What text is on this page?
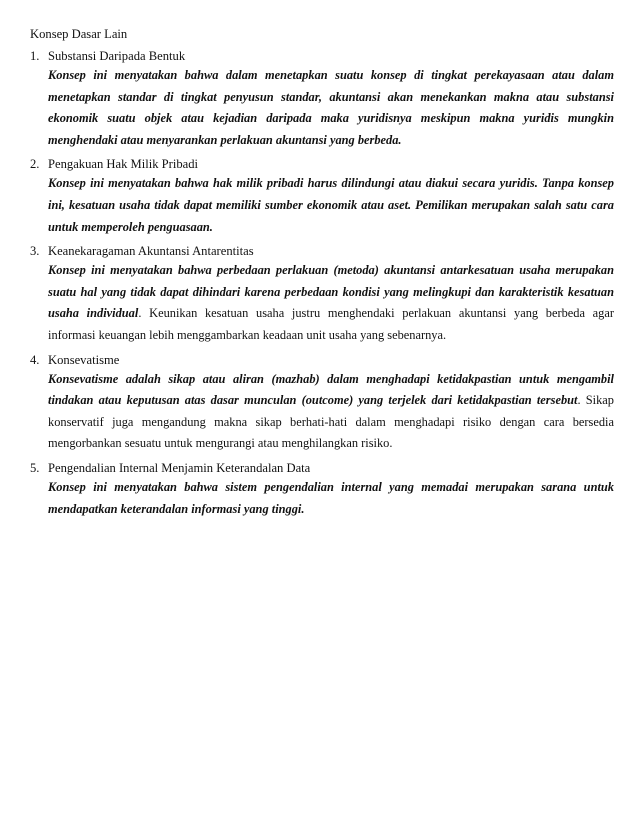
Konsep Dasar Lain
1. Substansi Daripada Bentuk
Konsep ini menyatakan bahwa dalam menetapkan suatu konsep di tingkat perekayasaan atau dalam menetapkan standar di tingkat penyusun standar, akuntansi akan menekankan makna atau substansi ekonomik suatu objek atau kejadian daripada maka yuridisnya meskipun makna yuridis mungkin menghendaki atau menyarankan perlakuan akuntansi yang berbeda.
2. Pengakuan Hak Milik Pribadi
Konsep ini menyatakan bahwa hak milik pribadi harus dilindungi atau diakui secara yuridis. Tanpa konsep ini, kesatuan usaha tidak dapat memiliki sumber ekonomik atau aset. Pemilikan merupakan salah satu cara untuk memperoleh penguasaan.
3. Keanekaragaman Akuntansi Antarentitas
Konsep ini menyatakan bahwa perbedaan perlakuan (metoda) akuntansi antarkesatuan usaha merupakan suatu hal yang tidak dapat dihindari karena perbedaan kondisi yang melingkupi dan karakteristik kesatuan usaha individual. Keunikan kesatuan usaha justru menghendaki perlakuan akuntansi yang berbeda agar informasi keuangan lebih menggambarkan keadaan unit usaha yang sebenarnya.
4. Konsevatisme
Konsevatisme adalah sikap atau aliran (mazhab) dalam menghadapi ketidakpastian untuk mengambil tindakan atau keputusan atas dasar munculan (outcome) yang terjelek dari ketidakpastian tersebut. Sikap konservatif juga mengandung makna sikap berhati-hati dalam menghadapi risiko dengan cara bersedia mengorbankan sesuatu untuk mengurangi atau menghilangkan risiko.
5. Pengendalian Internal Menjamin Keterandalan Data
Konsep ini menyatakan bahwa sistem pengendalian internal yang memadai merupakan sarana untuk mendapatkan keterandalan informasi yang tinggi.
